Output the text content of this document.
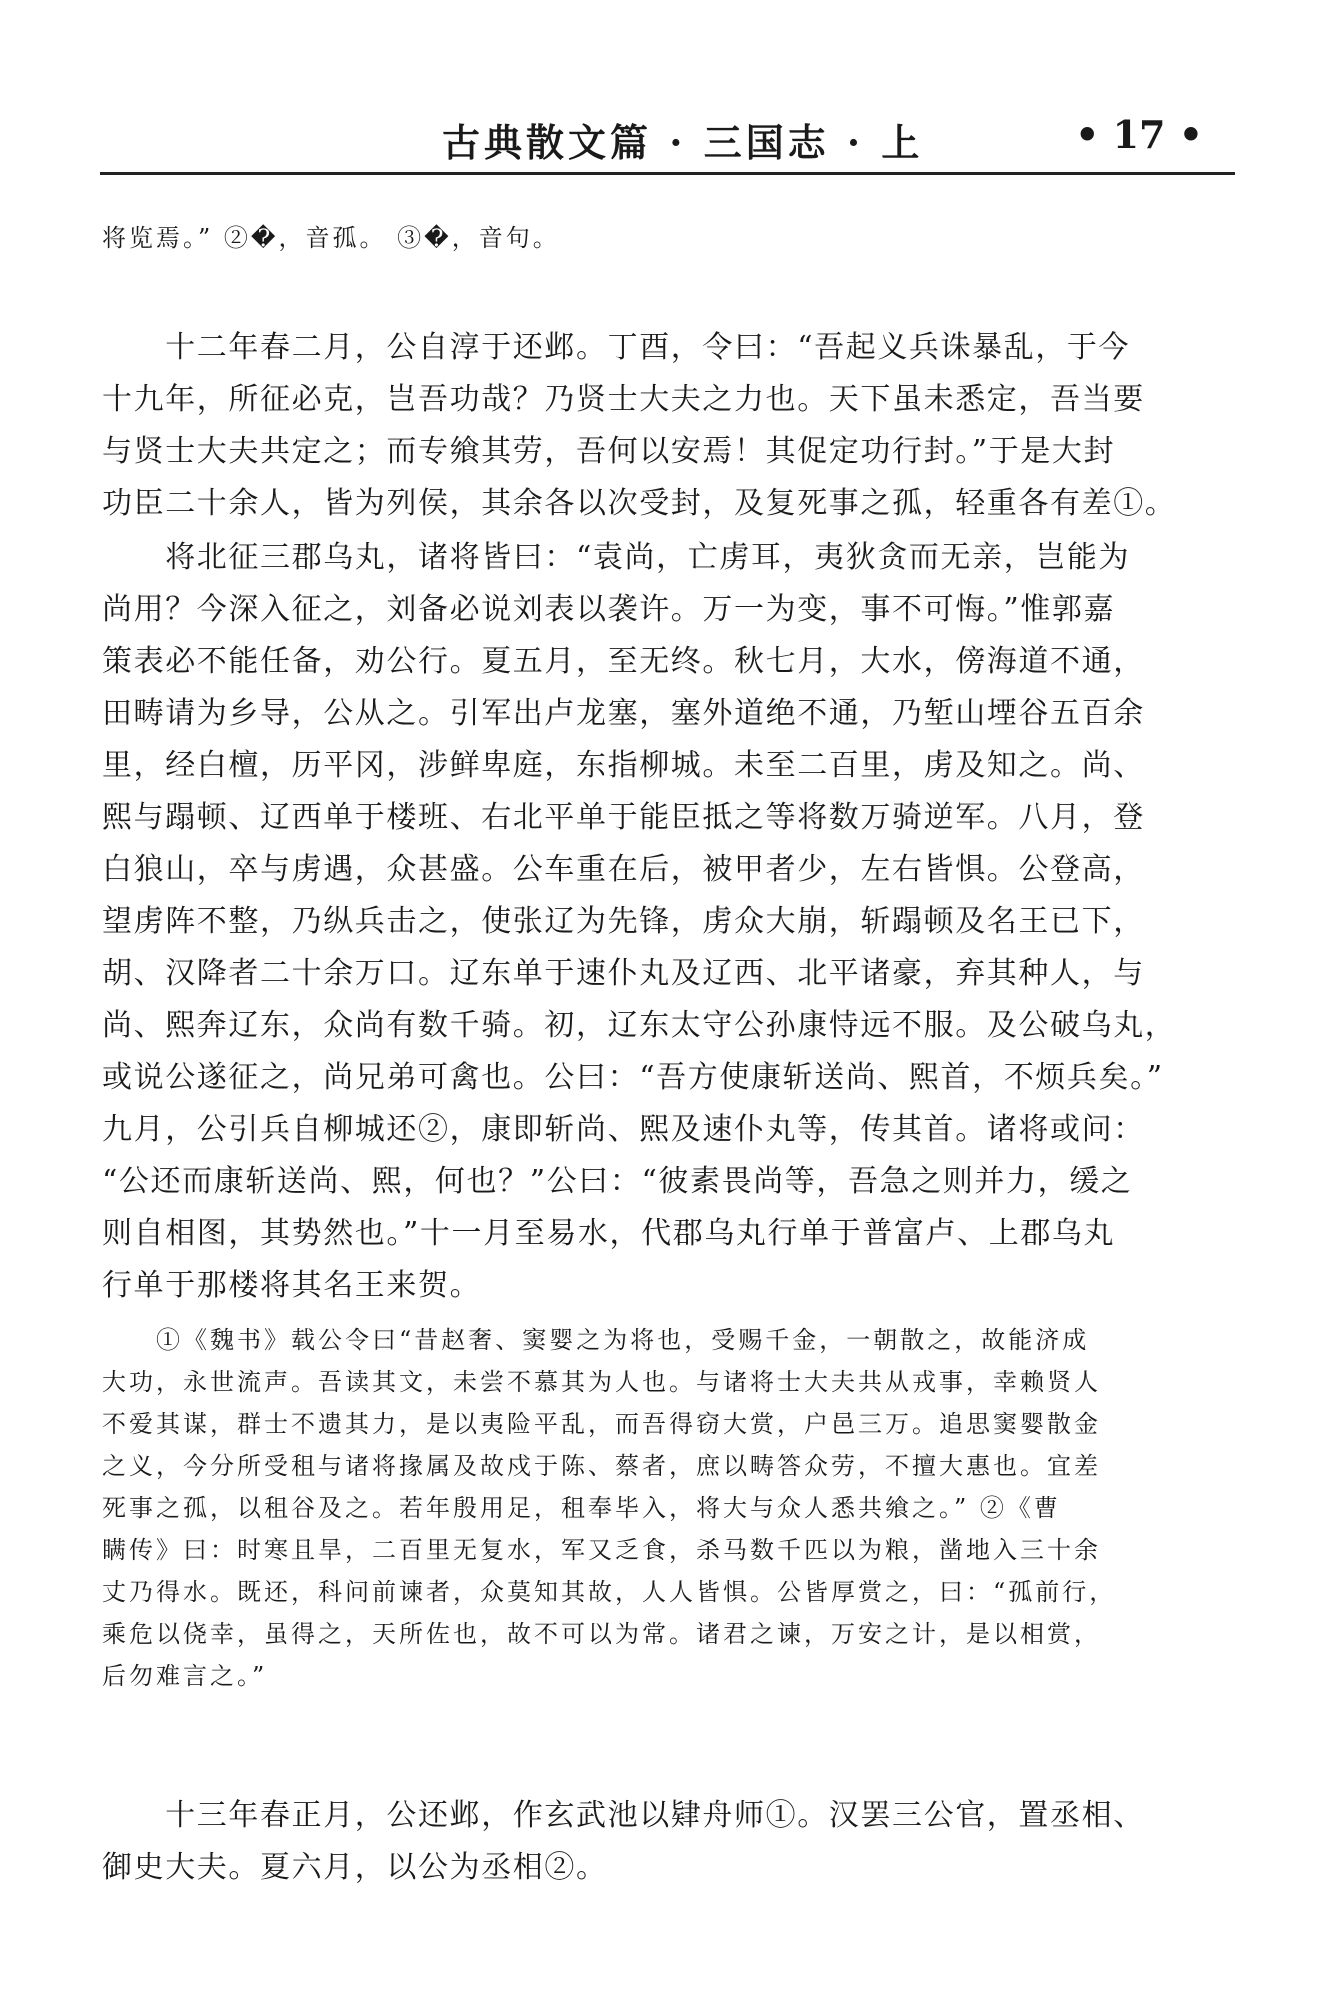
古典散文篇 · 三国志 · 上	• 17 •
将览焉。” ②�，音孤。 ③�，音句。
　　十二年春二月，公自淳于还邺。丁酉，令曰：“吾起义兵诛暴乱，于今
十九年，所征必克，岂吾功哉？乃贤士大夫之力也。天下虽未悉定，吾当要
与贤士大夫共定之；而专飨其劳，吾何以安焉！其促定功行封。”于是大封
功臣二十余人，皆为列侯，其余各以次受封，及复死事之孤，轻重各有差①。
　　将北征三郡乌丸，诸将皆曰：“袁尚，亡虏耳，夷狄贪而无亲，岂能为
尚用？今深入征之，刘备必说刘表以袭许。万一为变，事不可悔。”惟郭嘉
策表必不能任备，劝公行。夏五月，至无终。秋七月，大水，傍海道不通，
田畴请为乡导，公从之。引军出卢龙塞，塞外道绝不通，乃堑山堙谷五百余
里，经白檀，历平冈，涉鲜卑庭，东指柳城。未至二百里，虏及知之。尚、
熙与蹋顿、辽西单于楼班、右北平单于能臣抵之等将数万骑逆军。八月，登
白狼山，卒与虏遇，众甚盛。公车重在后，被甲者少，左右皆惧。公登高，
望虏阵不整，乃纵兵击之，使张辽为先锋，虏众大崩，斩蹋顿及名王已下，
胡、汉降者二十余万口。辽东单于速仆丸及辽西、北平诸豪，弃其种人，与
尚、熙奔辽东，众尚有数千骑。初，辽东太守公孙康恃远不服。及公破乌丸，
或说公遂征之，尚兄弟可禽也。公曰：“吾方使康斩送尚、熙首，不烦兵矣。”
九月，公引兵自柳城还②，康即斩尚、熙及速仆丸等，传其首。诸将或问：
“公还而康斩送尚、熙，何也？”公曰：“彼素畏尚等，吾急之则并力，缓之
则自相图，其势然也。”十一月至易水，代郡乌丸行单于普富卢、上郡乌丸
行单于那楼将其名王来贺。
　　①《魏书》载公令曰“昔赵奢、窦婴之为将也，受赐千金，一朝散之，故能济成
大功，永世流声。吾读其文，未尝不慕其为人也。与诸将士大夫共从戎事，幸赖贤人
不爱其谋，群士不遗其力，是以夷险平乱，而吾得窃大赏，户邑三万。追思窦婴散金
之义，今分所受租与诸将掾属及故戍于陈、蔡者，庶以畴答众劳，不擅大惠也。宜差
死事之孤，以租谷及之。若年殷用足，租奉毕入，将大与众人悉共飨之。” ②《曹
瞒传》曰：时寒且旱，二百里无复水，军又乏食，杀马数千匹以为粮，凿地入三十余
丈乃得水。既还，科问前谏者，众莫知其故，人人皆惧。公皆厚赏之，曰：“孤前行，
乘危以侥幸，虽得之，天所佐也，故不可以为常。诸君之谏，万安之计，是以相赏，
后勿难言之。”
　　十三年春正月，公还邺，作玄武池以肄舟师①。汉罢三公官，置丞相、
御史大夫。夏六月，以公为丞相②。
